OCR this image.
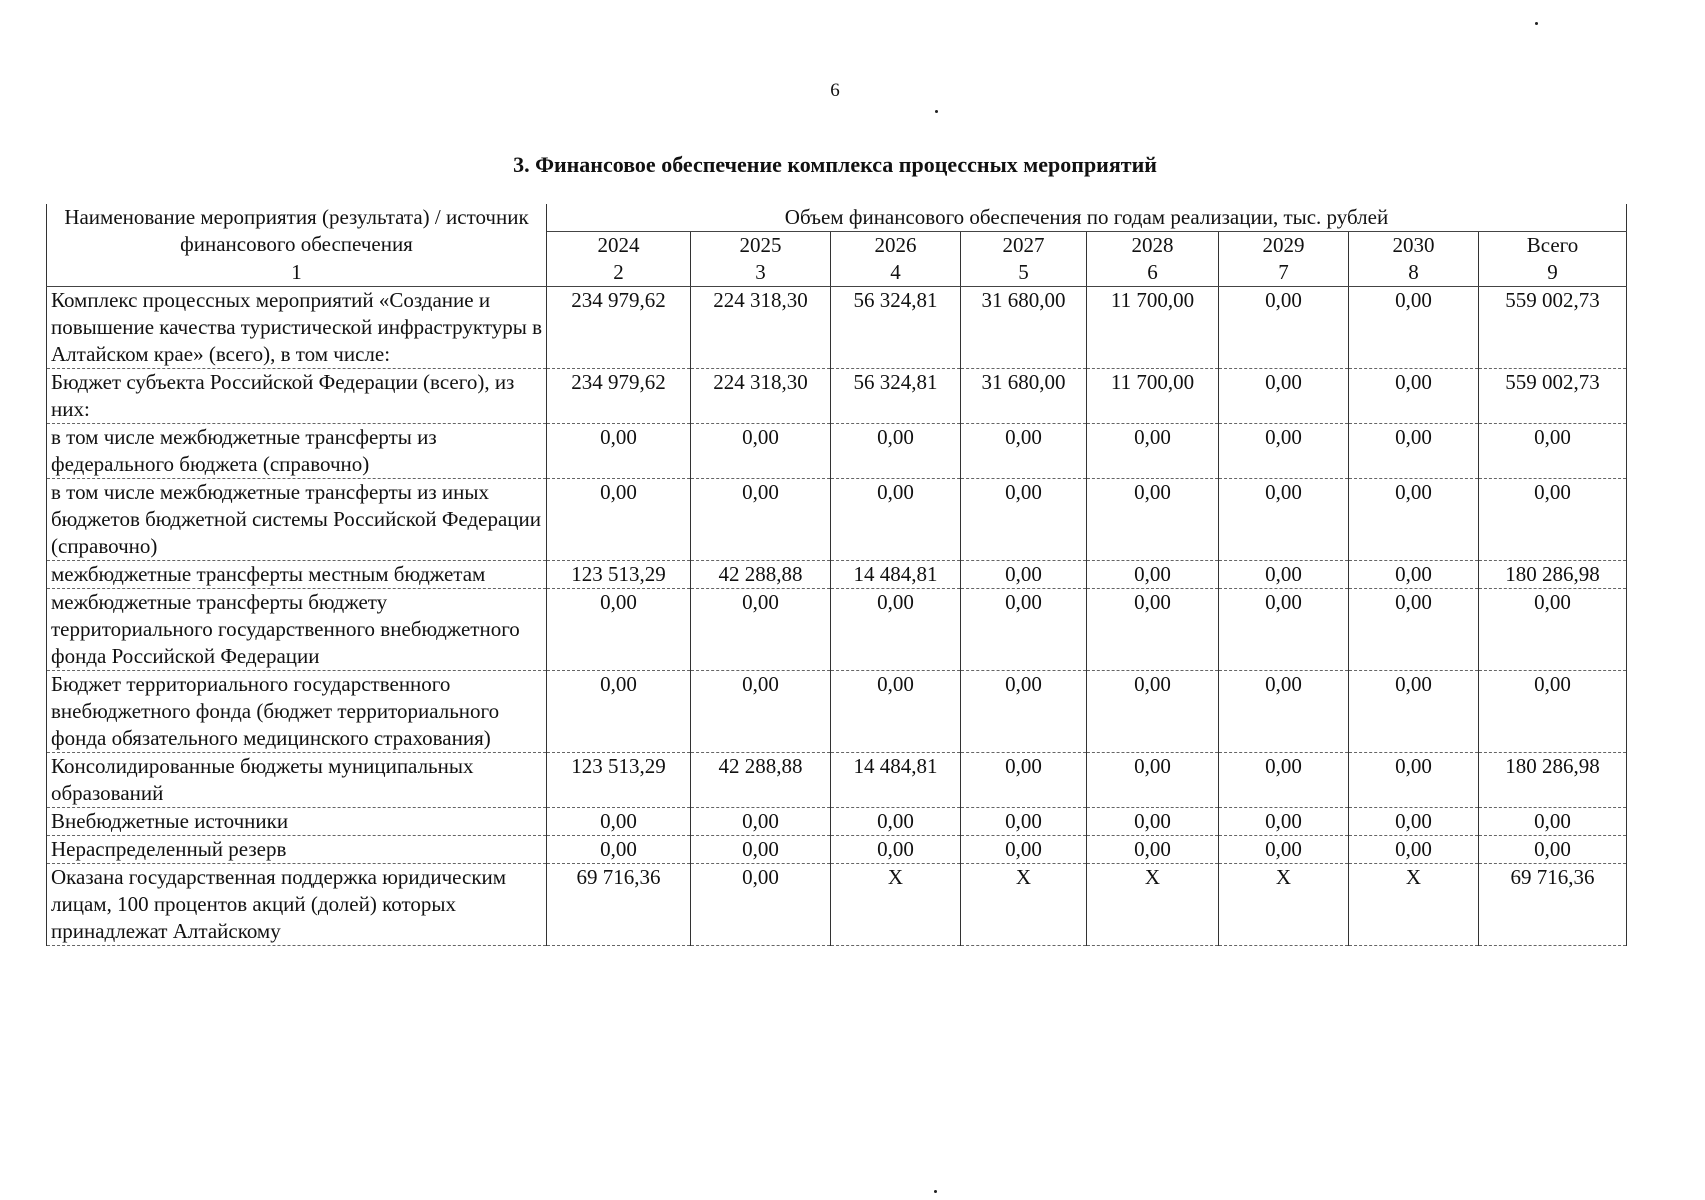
6
3. Финансовое обеспечение комплекса процессных мероприятий
Наименование мероприятия (результата) / источник финансового обеспечения	Объем финансового обеспечения по годам реализации, тыс. рублей							
	2024	2025	2026	2027	2028	2029	2030	Всего
1	2	3	4	5	6	7	8	9
Комплекс процессных мероприятий «Создание и повышение качества туристической инфраструктуры в Алтайском крае» (всего), в том числе:	234 979,62	224 318,30	56 324,81	31 680,00	11 700,00	0,00	0,00	559 002,73
Бюджет субъекта Российской Федерации (всего), из них:	234 979,62	224 318,30	56 324,81	31 680,00	11 700,00	0,00	0,00	559 002,73
в том числе межбюджетные трансферты из федерального бюджета (справочно)	0,00	0,00	0,00	0,00	0,00	0,00	0,00	0,00
в том числе межбюджетные трансферты из иных бюджетов бюджетной системы Российской Федерации (справочно)	0,00	0,00	0,00	0,00	0,00	0,00	0,00	0,00
межбюджетные трансферты местным бюджетам	123 513,29	42 288,88	14 484,81	0,00	0,00	0,00	0,00	180 286,98
межбюджетные трансферты бюджету территориального государственного внебюджетного фонда Российской Федерации	0,00	0,00	0,00	0,00	0,00	0,00	0,00	0,00
Бюджет территориального государственного внебюджетного фонда (бюджет территориального фонда обязательного медицинского страхования)	0,00	0,00	0,00	0,00	0,00	0,00	0,00	0,00
Консолидированные бюджеты муниципальных образований	123 513,29	42 288,88	14 484,81	0,00	0,00	0,00	0,00	180 286,98
Внебюджетные источники	0,00	0,00	0,00	0,00	0,00	0,00	0,00	0,00
Нераспределенный резерв	0,00	0,00	0,00	0,00	0,00	0,00	0,00	0,00
Оказана государственная поддержка юридическим лицам, 100 процентов акций (долей) которых принадлежат Алтайскому	69 716,36	0,00	X	X	X	X	X	69 716,36
